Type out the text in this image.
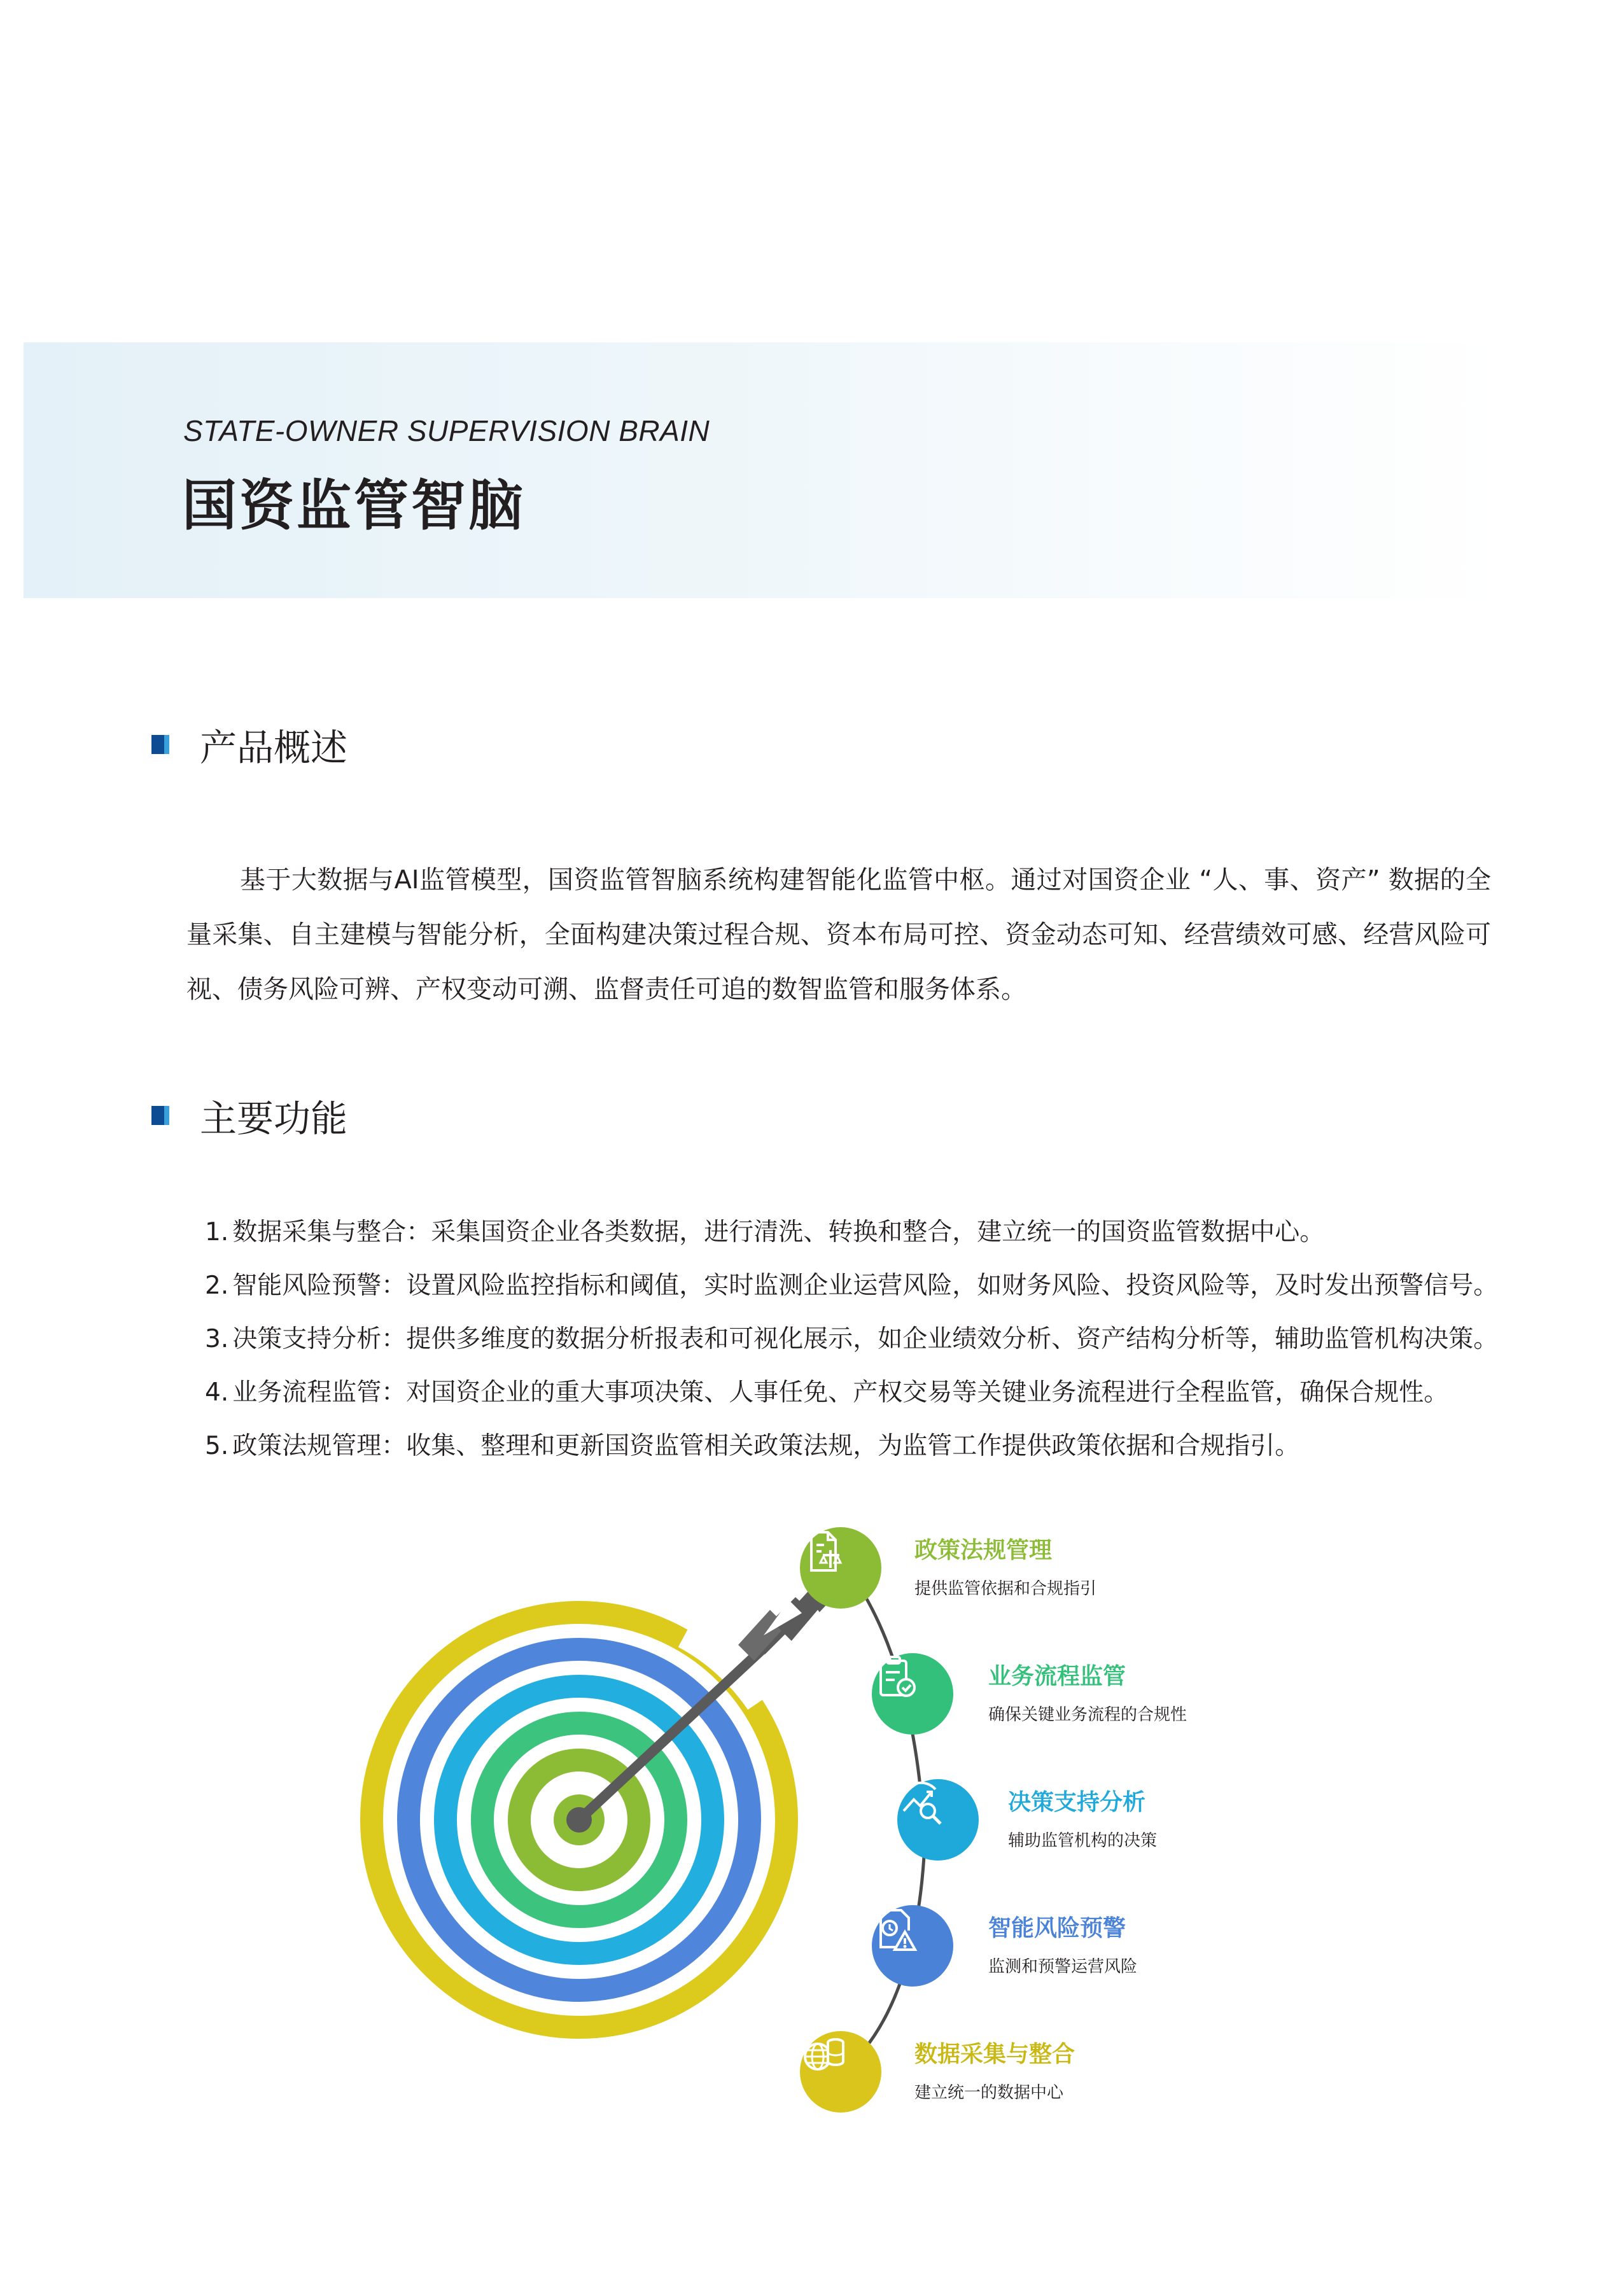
STATE-OWNER SUPERVISION BRAIN
国资监管智脑
产品概述

基于大数据与AI监管模型，国资监管智脑系统构建智能化监管中枢。通过对国资企业 “人、事、资产” 数据的全量采集、自主建模与智能分析，全面构建决策过程合规、资本布局可控、资金动态可知、经营绩效可感、经营风险可视、债务风险可辨、产权变动可溯、监督责任可追的数智监管和服务体系。

主要功能
1. 数据采集与整合：采集国资企业各类数据，进行清洗、转换和整合，建立统一的国资监管数据中心。
2. 智能风险预警：设置风险监控指标和阈值，实时监测企业运营风险，如财务风险、投资风险等，及时发出预警信号。
3. 决策支持分析：提供多维度的数据分析报表和可视化展示，如企业绩效分析、资产结构分析等，辅助监管机构决策。
4. 业务流程监管：对国资企业的重大事项决策、人事任免、产权交易等关键业务流程进行全程监管，确保合规性。
5. 政策法规管理：收集、整理和更新国资监管相关政策法规，为监管工作提供政策依据和合规指引。
政策法规管理
提供监管依据和合规指引
业务流程监管
确保关键业务流程的合规性
决策支持分析
辅助监管机构的决策
智能风险预警
监测和预警运营风险
数据采集与整合
建立统一的数据中心
